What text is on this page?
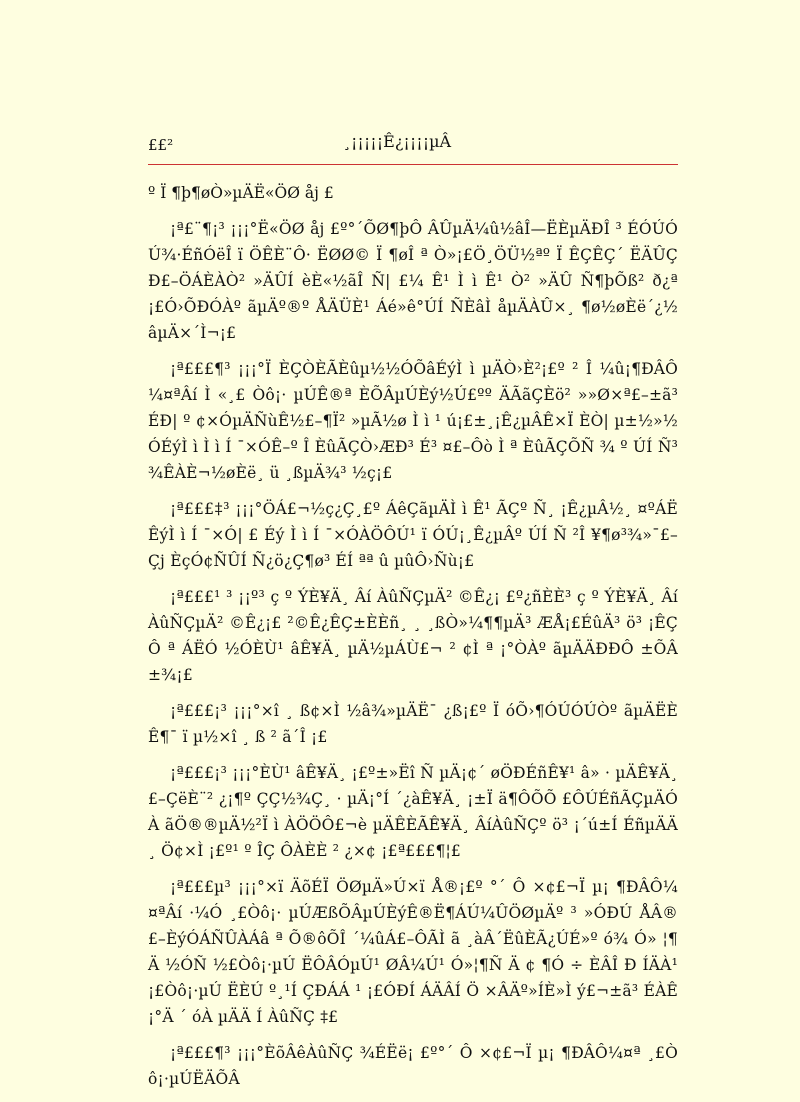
££²	¸¡¡¡¡¡Ê¿¡¡¡¡µÂ

º Ï ¶þ¶øÒ»µÄË«ÖØ åj £

¡ª£¨¶¡³ ¡¡¡°Ë«ÖØ åj £º°´ÕØ¶þÔ ÂÛµÄ¼û½âÎ—ËÈµÄÐÎ ³ ÉÓÚÓÚ¾·ÉñÓëÎ ï ÖÊÈ¨Ô· ËØØ© Ï ¶øÎ ª Ò»¡£Ö¸ÖÜ½ªº Ï ÊÇÊÇ´ ËÄÛÇÐ£–ÖÁÈÀÒ² »ÄÛÍ èÈ«½ãÎ Ñ| £¼ Ê¹ Ì ì Ê¹ Ò² »ÄÛ Ñ¶þÕß² ð¿ª¡£Ó›ÕÐÓÀº ãµÄº®º ÅÄÜÈ¹ Áé»ê°ÚÍ ÑÈâÌ åµÄÀÛ×¸ ¶ø½øÈë´¿½âµÄ×´Ì¬¡£

¡ª£££¶³ ¡¡¡°Ï ÈÇÒÈÃÈûµ½½ÓÕâÉýÌ ì µÄÒ›È²¡£º ² Î ¼û¡¶ÐÂÔ¼¤ªÂí Ì «¸£ Òô¡· µÚÊ®ª ÈÕÂµÚÈý½Ú£ºº ÄÃãÇÈö² »»Ø×ª£–±ã³ ÉÐ| º ¢×ÓµÄÑùÊ½£–¶Ï² »µÃ½ø Ì ì ¹ ú¡£±¸¡Ê¿µÂÊ×Ï ÈÒ| µ±½»½ÓÉýÌ ì Ì ì Í ¯×ÓÊ–º Î ÈûÃÇÒ›ÆÐ³ É³ ¤£–Ôò Ì ª ÈûÃÇÕÑ ¾ º ÚÍ Ñ³ ¾ÊÀÈ¬½øÈë¸ ü ¸ßµÄ¾³ ½ç¡£

¡ª£££‡³ ¡¡¡°ÖÁ£¬½ç¿Ç¸£º ÁêÇãµÄÌ ì Ê¹ ÃÇº Ñ¸ ¡Ê¿µÂ½¸ ¤ºÁËÊýÌ ì Í ¯×Ó| £ Éý Ì ì Í ¯×ÓÀÖÔÚ¹ ï ÓÚ¡¸Ê¿µÂº ÚÍ Ñ ²Î ¥¶ø³¾»¯£–Çj ÈçÓ¢ÑÛÍ Ñ¿ö¿Ç¶ø³ ÉÍ ªª û µûÔ›Ñù¡£

¡ª£££¹ ³ ¡¡º³ ç º ÝÈ¥Ä¸ Âí ÀûÑÇµÄ² ©Ê¿¡ £º¿ñÈÈ³ ç º ÝÈ¥Ä¸ Âí ÀûÑÇµÄ² ©Ê¿¡£ ²©Ê¿ÊÇ±ÈÈñ¸ ¸ ¸ßÒ»¼¶¶µÄ³ ÆÅ¡£ÉûÄ³ ö³ ¡ÊÇÔ ª ÁËÓ ½ÓÈÙ¹ âÊ¥Ä¸ µÄ½µÁÙ£¬ ² ¢Ì ª ¡°ÒÀº ãµÄÄÐÐÔ ±ÕÂ±¾¡£

¡ª£££¡³ ¡¡¡°×î ¸ ß¢×Ì ½â¾»µÄË¯ ¿ß¡£º Ï óÕ›¶ÓÚÓÚÒº ãµÄËÈ Ê¶¯ ï µ½×î ¸ ß ² ã´Î ¡£

¡ª£££¡³ ¡¡¡°ÈÙ¹ âÊ¥Ä¸ ¡£º±»Ëî Ñ µÄ¡¢´ øÖÐÉñÊ¥¹ â» · µÄÊ¥Ä¸ £–ÇëÈ¨² ¿¡¶º ÇÇ½¾Ç¸ · µÄ¡°Í ´¿àÊ¥Ä¸ ¡±Ï ä¶ÔÕÕ £ÔÚÉñÃÇµÄÓÀ ãÖ®®µÄ½²Ï ì ÀÖÖÔ£¬è µÄÊÈÃÊ¥Ä¸ ÂíÀûÑÇº ö³ ¡´ú±Í ÉñµÄÄ¸ Ö¢×Ì ¡£º¹ º ÎÇ ÔÀÈÈ ² ¿×¢ ¡£ª£££¶¦£

¡ª£££µ³ ¡¡¡°×ï ÄõÉÏ ÖØµÄ»Ú×ï Å®¡£º °´ Ô ×¢£¬Ï µ¡ ¶ÐÂÔ¼¤ªÂí ·¼Ó ¸£Òô¡· µÚÆßÕÂµÚÈýÊ®Ë¶ÁÚ¼ÛÖØµÄº ³ »ÓÐÚ ÅÂ®£–ÈýÓÁÑÛÀÁâ ª Õ®ôÕÎ ´¼ûÁ£–ÔÃÌ ã ¸àÂ´ËûÈÃ¿ÚÉ»º ó¾ Ó» ¦¶Ä ½ÓÑ ½£Òô¡·µÚ ËÔÂÓµÚ¹ ØÂ¼Ú¹ Ó»¦¶Ñ Ä ¢ ¶Ó ÷ ÈÂÎ Ð ÍÄÀ¹¡£Òô¡·µÚ ËÈÚ º¸¹Í ÇÐÁÁ ¹ ¡£ÓÐÍ ÁÄÂÍ Ö ×ÂÄº»ÍÈ»Ì ý£¬±ã³ ÉÀÊ¡°Ä ´ óÀ µÄÄ Í ÀûÑÇ ‡£

¡ª£££¶³ ¡¡¡°ÈõÂêÀûÑÇ ¾ÉËë¡ £º°´ Ô ×¢£¬Ï µ¡ ¶ÐÂÔ¼¤ª ¸£Òô¡·µÚËÄÕÂ
